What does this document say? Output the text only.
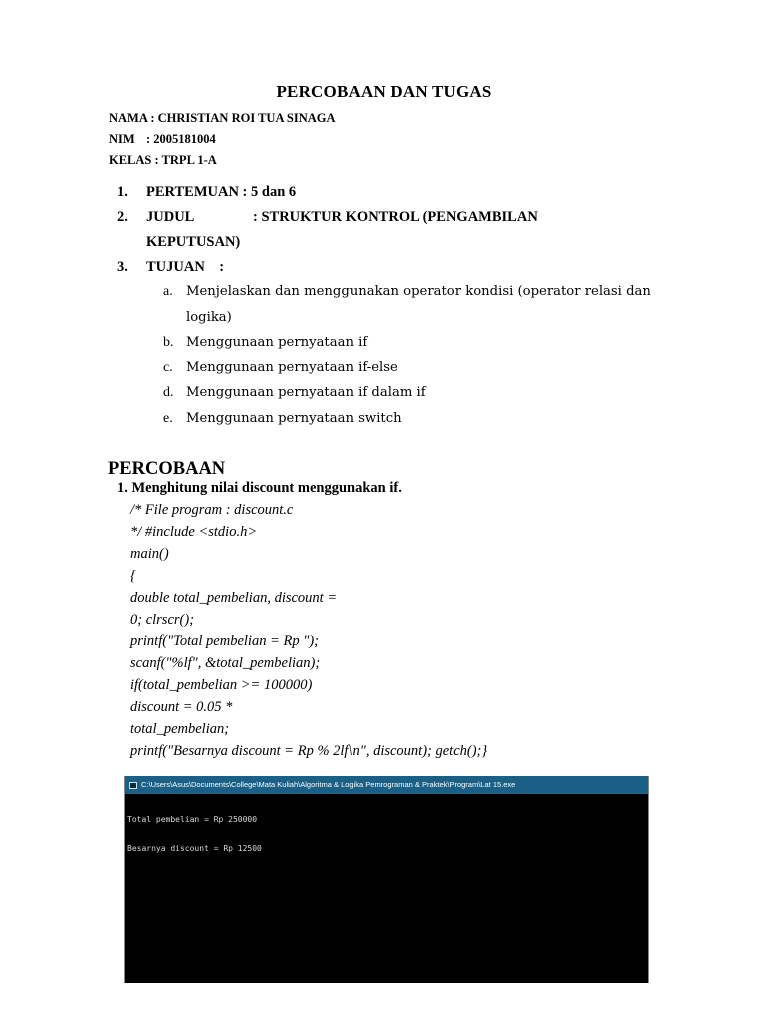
PERCOBAAN DAN TUGAS
NAMA : CHRISTIAN ROI TUA SINAGA
NIM : 2005181004
KELAS : TRPL 1-A
1. PERTEMUAN : 5 dan 6
2. JUDUL	: STRUKTUR KONTROL (PENGAMBILAN
KEPUTUSAN)
3. TUJUAN    :
a. Menjelaskan dan menggunakan operator kondisi (operator relasi dan
logika)
b. Menggunaan pernyataan if
c. Menggunaan pernyataan if-else
d. Menggunaan pernyataan if dalam if
e. Menggunaan pernyataan switch
PERCOBAAN
1. Menghitung nilai discount menggunakan if.
/* File program : discount.c
*/ #include <stdio.h>
main()
{
double total_pembelian, discount =
0; clrscr();
printf("Total pembelian = Rp ");
scanf("%lf", &total_pembelian);
if(total_pembelian >= 100000)
discount = 0.05 *
total_pembelian;
printf("Besarnya discount = Rp % 2lf\n", discount); getch();}
C:\Users\Asus\Documents\College\Mata Kuliah\Algoritma & Logika Pemrograman & Praktek\Program\Lat 15.exe

Total pembelian = Rp 250000

Besarnya discount = Rp 12500
